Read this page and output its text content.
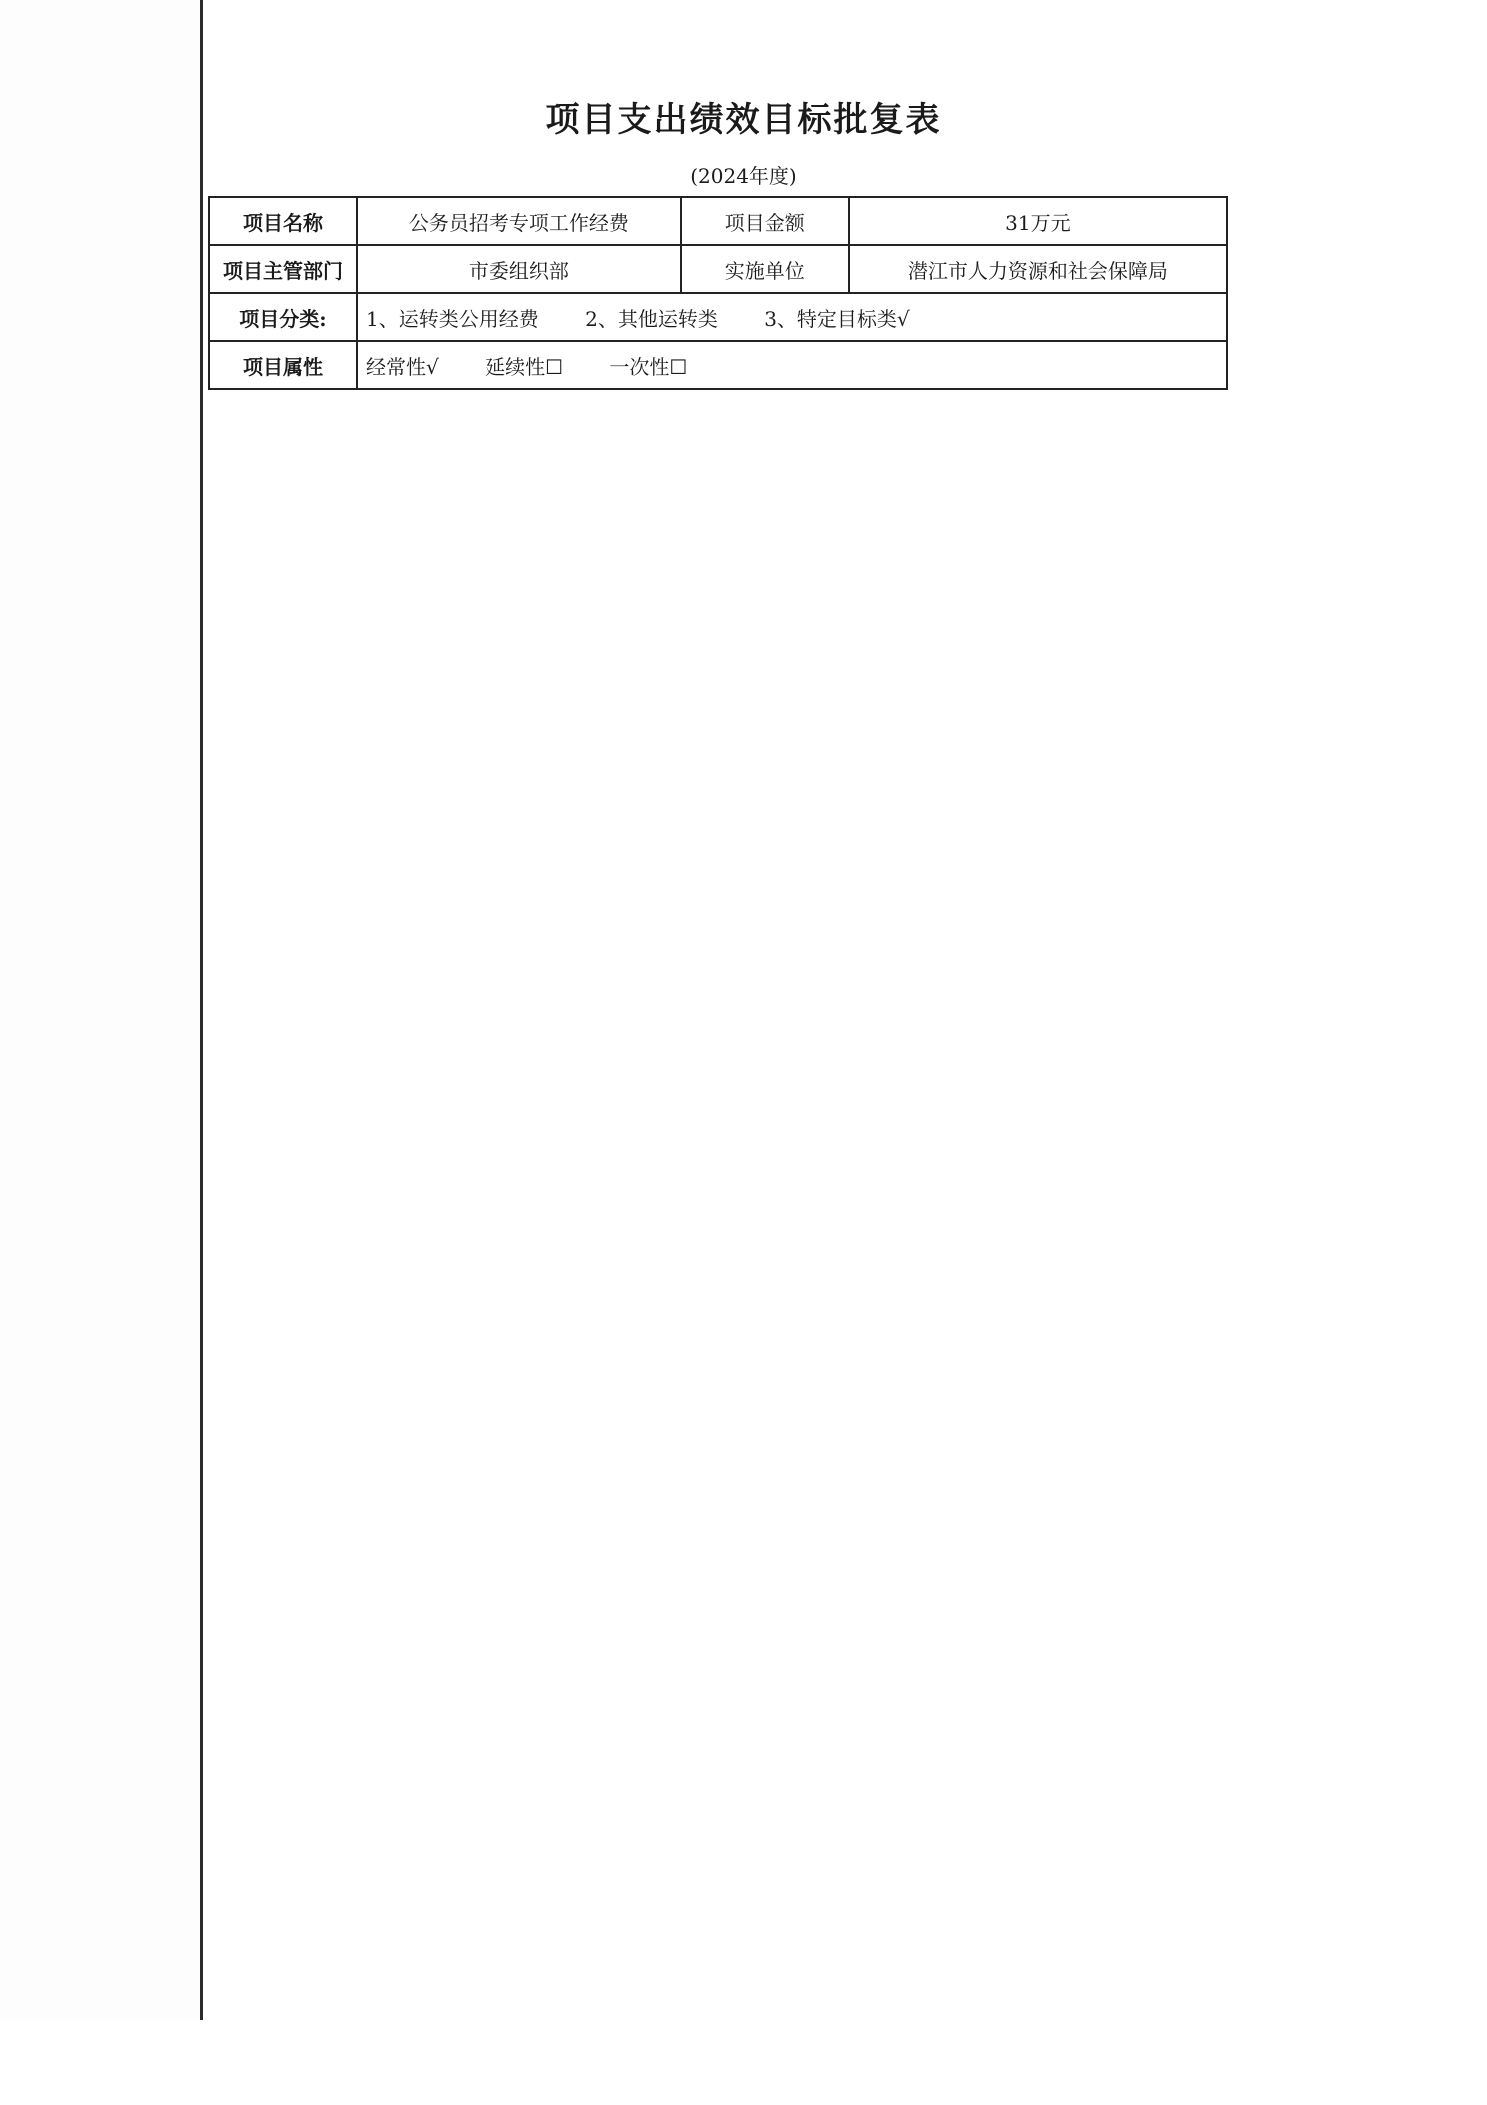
项目支出绩效目标批复表
(2024年度)
项目名称	公务员招考专项工作经费	项目金额	31万元
项目主管部门	市委组织部	实施单位	潜江市人力资源和社会保障局
项目分类:	1、运转类公用经费 2、其他运转类 3、特定目标类√		
项目属性	经常性√ 延续性☐ 一次性☐		
